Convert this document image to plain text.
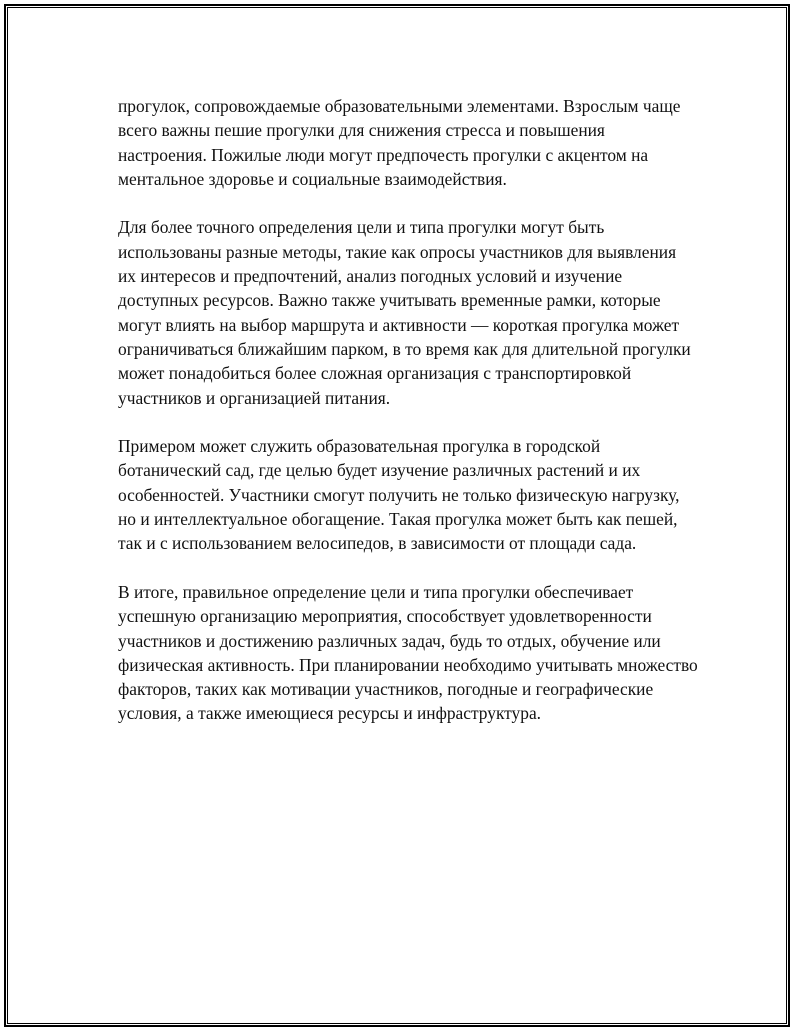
прогулок, сопровождаемые образовательными элементами. Взрослым чаще всего важны пешие прогулки для снижения стресса и повышения настроения. Пожилые люди могут предпочесть прогулки с акцентом на ментальное здоровье и социальные взаимодействия.

Для более точного определения цели и типа прогулки могут быть использованы разные методы, такие как опросы участников для выявления их интересов и предпочтений, анализ погодных условий и изучение доступных ресурсов. Важно также учитывать временные рамки, которые могут влиять на выбор маршрута и активности — короткая прогулка может ограничиваться ближайшим парком, в то время как для длительной прогулки может понадобиться более сложная организация с транспортировкой участников и организацией питания.

Примером может служить образовательная прогулка в городской ботанический сад, где целью будет изучение различных растений и их особенностей. Участники смогут получить не только физическую нагрузку, но и интеллектуальное обогащение. Такая прогулка может быть как пешей, так и с использованием велосипедов, в зависимости от площади сада.

В итоге, правильное определение цели и типа прогулки обеспечивает успешную организацию мероприятия, способствует удовлетворенности участников и достижению различных задач, будь то отдых, обучение или физическая активность. При планировании необходимо учитывать множество факторов, таких как мотивации участников, погодные и географические условия, а также имеющиеся ресурсы и инфраструктура.
